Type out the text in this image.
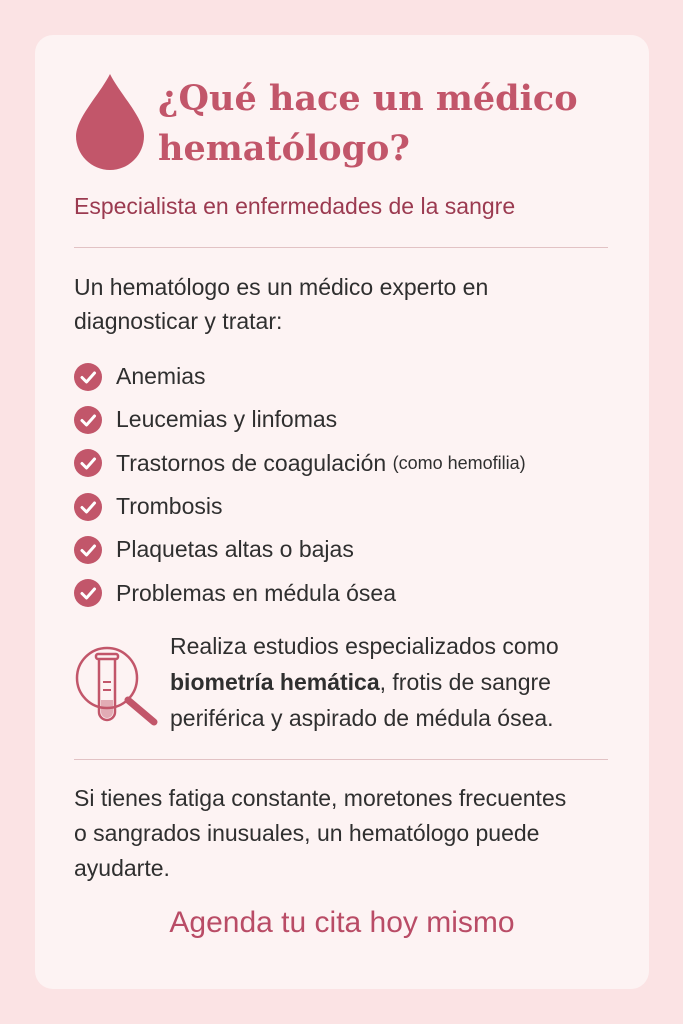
¿Qué hace un médico hematólogo?
Especialista en enfermedades de la sangre
Un hematólogo es un médico experto en diagnosticar y tratar:
Anemias
Leucemias y linfomas
Trastornos de coagulación
(como hemofilia)
Trombosis
Plaquetas altas o bajas
Problemas en médula ósea
Realiza estudios especializados como biometría hemática, frotis de sangre periférica y aspirado de médula ósea.
Si tienes fatiga constante, moretones frecuentes o sangrados inusuales, un hematólogo puede ayudarte.
Agenda tu cita hoy mismo
